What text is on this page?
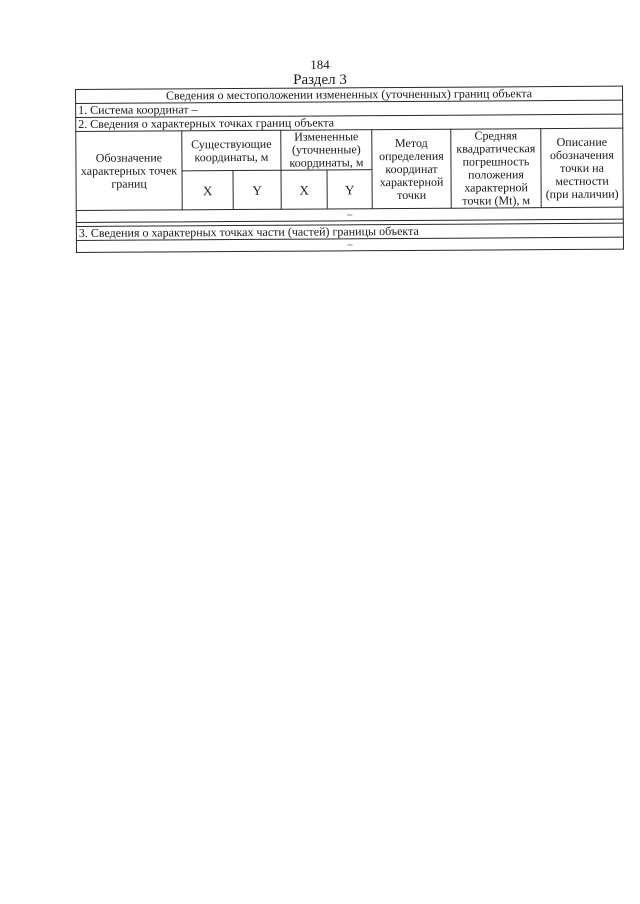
184
Раздел 3
Сведения о местоположении измененных (уточненных) границ объекта							
1. Система координат –							
2. Сведения о характерных точках границ объекта							
Обозначение характерных точек границ	Существующие координаты, м		Измененные (уточненные) координаты, м		Метод определения координат характерной точки	Средняя квадратическая погрешность положения характерной точки (Mt), м	Описание обозначения точки на местности (при наличии)
	X	Y	X	Y			
–							

3. Сведения о характерных точках части (частей) границы объекта							
–							
